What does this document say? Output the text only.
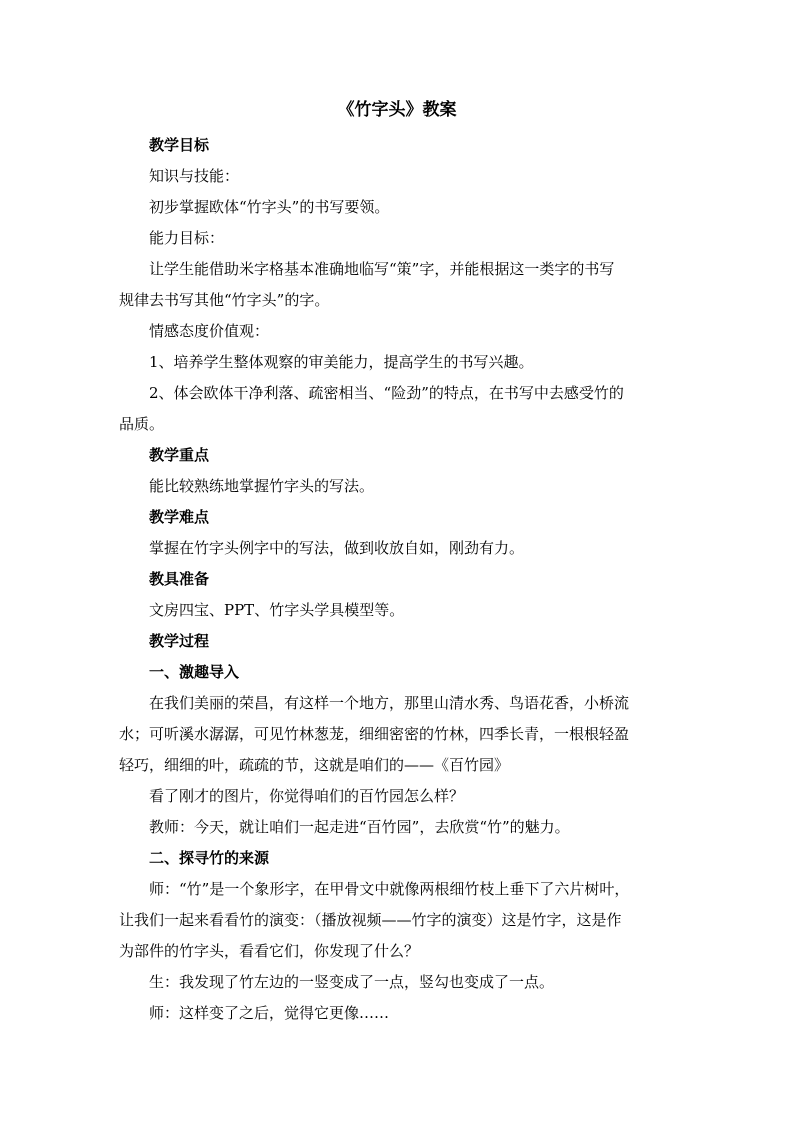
《竹字头》教案

教学目标

知识与技能：

初步掌握欧体“竹字头”的书写要领。

能力目标：

让学生能借助米字格基本准确地临写“策”字，并能根据这一类字的书写

规律去书写其他“竹字头”的字。

情感态度价值观：

1、培养学生整体观察的审美能力，提高学生的书写兴趣。

2、体会欧体干净利落、疏密相当、“险劲”的特点，在书写中去感受竹的

品质。

教学重点

能比较熟练地掌握竹字头的写法。

教学难点

掌握在竹字头例字中的写法，做到收放自如，刚劲有力。

教具准备

文房四宝、PPT、竹字头学具模型等。

教学过程

一、激趣导入

在我们美丽的荣昌，有这样一个地方，那里山清水秀、鸟语花香，小桥流

水；可听溪水潺潺，可见竹林葱茏，细细密密的竹林，四季长青，一根根轻盈

轻巧，细细的叶，疏疏的节，这就是咱们的——《百竹园》

看了刚才的图片，你觉得咱们的百竹园怎么样？

教师：今天，就让咱们一起走进“百竹园”，去欣赏“竹”的魅力。

二、探寻竹的来源

师：“竹”是一个象形字，在甲骨文中就像两根细竹枝上垂下了六片树叶，

让我们一起来看看竹的演变：（播放视频——竹字的演变）这是竹字，这是作

为部件的竹字头，看看它们，你发现了什么？

生：我发现了竹左边的一竖变成了一点，竖勾也变成了一点。

师：这样变了之后，觉得它更像……
